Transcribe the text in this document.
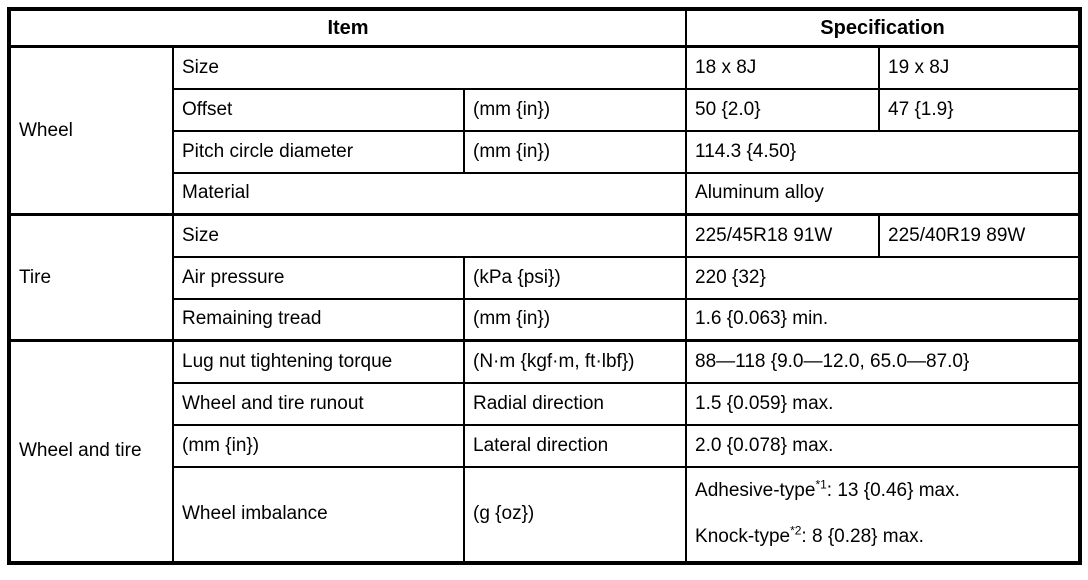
Item			Specification	
Wheel	Size		18 x 8J	19 x 8J
	Offset	(mm {in})	50 {2.0}	47 {1.9}
	Pitch circle diameter	(mm {in})	114.3 {4.50}	
	Material		Aluminum alloy	
Tire	Size		225/45R18 91W	225/40R19 89W
	Air pressure	(kPa {psi})	220 {32}	
	Remaining tread	(mm {in})	1.6 {0.063} min.	
Wheel and tire	Lug nut tightening torque	(N·m {kgf·m, ft·lbf})	88—118 {9.0—12.0, 65.0—87.0}	
	Wheel and tire runout	Radial direction	1.5 {0.059} max.	
	(mm {in})	Lateral direction	2.0 {0.078} max.	
	Wheel imbalance	(g {oz})	Adhesive-type$^{*1}$: 13 {0.46} max.
Knock-type$^{*2}$: 8 {0.28} max.	
